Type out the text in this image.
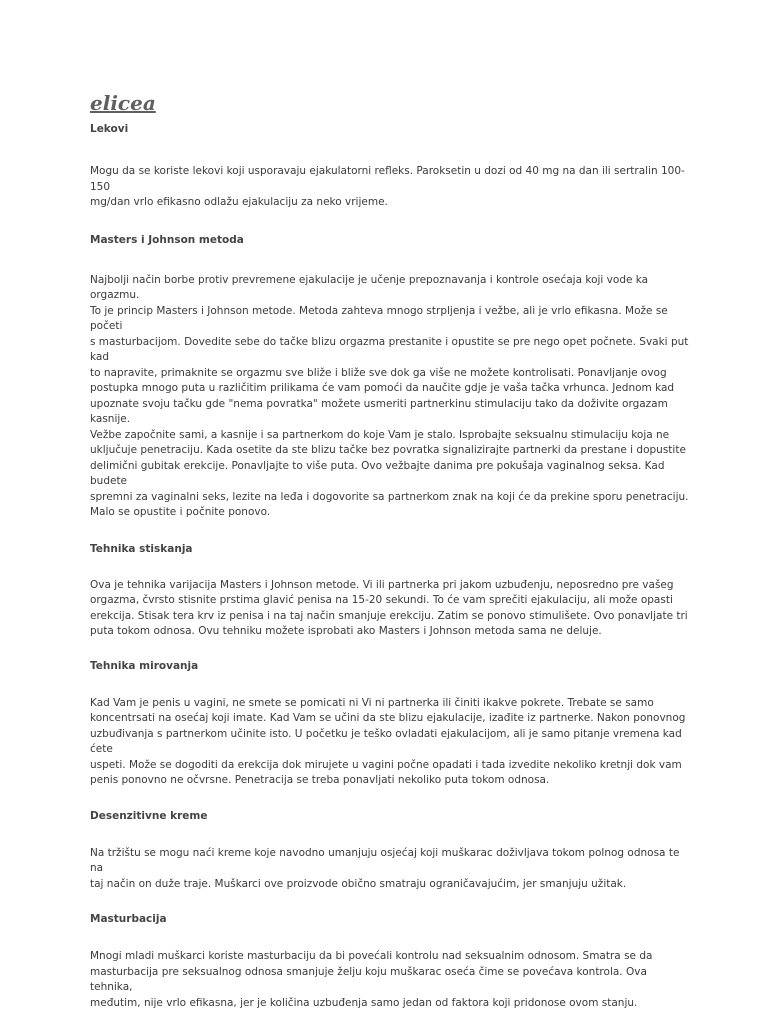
elicea
Lekovi

Mogu da se koriste lekovi koji usporavaju ejakulatorni refleks. Paroksetin u dozi od 40 mg na dan ili sertralin 100-150
mg/dan vrlo efikasno odlažu ejakulaciju za neko vrijeme.

Masters i Johnson metoda

Najbolji način borbe protiv prevremene ejakulacije je učenje prepoznavanja i kontrole osećaja koji vode ka orgazmu.
To je princip Masters i Johnson metode. Metoda zahteva mnogo strpljenja i vežbe, ali je vrlo efikasna. Može se početi
s masturbacijom. Dovedite sebe do tačke blizu orgazma prestanite i opustite se pre nego opet počnete. Svaki put kad
to napravite, primaknite se orgazmu sve bliže i bliže sve dok ga više ne možete kontrolisati. Ponavljanje ovog
postupka mnogo puta u različitim prilikama će vam pomoći da naučite gdje je vaša tačka vrhunca. Jednom kad
upoznate svoju tačku gde "nema povratka" možete usmeriti partnerkinu stimulaciju tako da doživite orgazam kasnije.
Vežbe započnite sami, a kasnije i sa partnerkom do koje Vam je stalo. Isprobajte seksualnu stimulaciju koja ne
uključuje penetraciju. Kada osetite da ste blizu tačke bez povratka signalizirajte partnerki da prestane i dopustite
delimični gubitak erekcije. Ponavljajte to više puta. Ovo vežbajte danima pre pokušaja vaginalnog seksa. Kad budete
spremni za vaginalni seks, lezite na leđa i dogovorite sa partnerkom znak na koji će da prekine sporu penetraciju.
Malo se opustite i počnite ponovo.

Tehnika stiskanja

Ova je tehnika varijacija Masters i Johnson metode. Vi ili partnerka pri jakom uzbuđenju, neposredno pre vašeg
orgazma, čvrsto stisnite prstima glavić penisa na 15-20 sekundi. To će vam sprečiti ejakulaciju, ali može opasti
erekcija. Stisak tera krv iz penisa i na taj način smanjuje erekciju. Zatim se ponovo stimulišete. Ovo ponavljate tri
puta tokom odnosa. Ovu tehniku možete isprobati ako Masters i Johnson metoda sama ne deluje.

Tehnika mirovanja

Kad Vam je penis u vagini, ne smete se pomicati ni Vi ni partnerka ili činiti ikakve pokrete. Trebate se samo
koncentrsati na osećaj koji imate. Kad Vam se učini da ste blizu ejakulacije, izađite iz partnerke. Nakon ponovnog
uzbuđivanja s partnerkom učinite isto. U početku je teško ovladati ejakulacijom, ali je samo pitanje vremena kad ćete
uspeti. Može se dogoditi da erekcija dok mirujete u vagini počne opadati i tada izvedite nekoliko kretnji dok vam
penis ponovno ne očvrsne. Penetracija se treba ponavljati nekoliko puta tokom odnosa.

Desenzitivne kreme

Na tržištu se mogu naći kreme koje navodno umanjuju osjećaj koji muškarac doživljava tokom polnog odnosa te na
taj način on duže traje. Muškarci ove proizvode obično smatraju ograničavajućim, jer smanjuju užitak.

Masturbacija

Mnogi mladi muškarci koriste masturbaciju da bi povećali kontrolu nad seksualnim odnosom. Smatra se da
masturbacija pre seksualnog odnosa smanjuje želju koju muškarac oseća čime se povećava kontrola. Ova tehnika,
međutim, nije vrlo efikasna, jer je količina uzbuđenja samo jedan od faktora koji pridonose ovom stanju.
